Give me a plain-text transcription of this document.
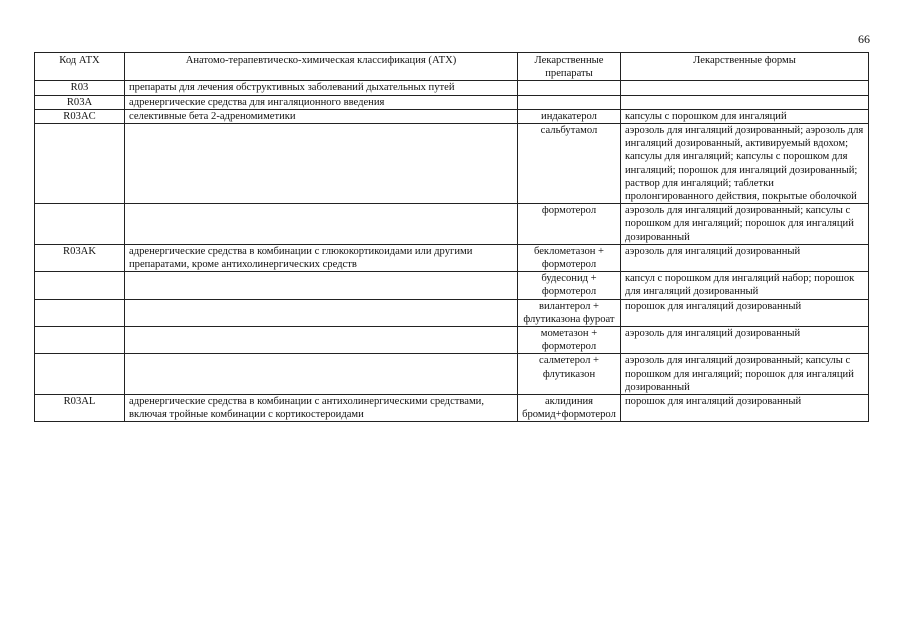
66
Код АТХ	Анатомо-терапевтическо-химическая классификация (АТХ)	Лекарственные препараты	Лекарственные формы
R03	препараты для лечения обструктивных заболеваний дыхательных путей		
R03A	адренергические средства для ингаляционного введения		
R03AC	селективные бета 2-адреномиметики	индакатерол	капсулы с порошком для ингаляций
		сальбутамол	аэрозоль для ингаляций дозированный; аэрозоль для ингаляций дозированный, активируемый вдохом; капсулы для ингаляций; капсулы с порошком для ингаляций; порошок для ингаляций дозированный; раствор для ингаляций; таблетки пролонгированного действия, покрытые оболочкой
		формотерол	аэрозоль для ингаляций дозированный; капсулы с порошком для ингаляций; порошок для ингаляций дозированный
R03AK	адренергические средства в комбинации с глюкокортикоидами или другими препаратами, кроме антихолинергических средств	беклометазон + формотерол	аэрозоль для ингаляций дозированный
		будесонид + формотерол	капсул с порошком для ингаляций набор; порошок для ингаляций дозированный
		вилантерол + флутиказона фуроат	порошок для ингаляций дозированный
		мометазон + формотерол	аэрозоль для ингаляций дозированный
		салметерол + флутиказон	аэрозоль для ингаляций дозированный; капсулы с порошком для ингаляций; порошок для ингаляций дозированный
R03AL	адренергические средства в комбинации с антихолинергическими средствами, включая тройные комбинации с кортикостероидами	аклидиния бромид+формотерол	порошок для ингаляций дозированный
